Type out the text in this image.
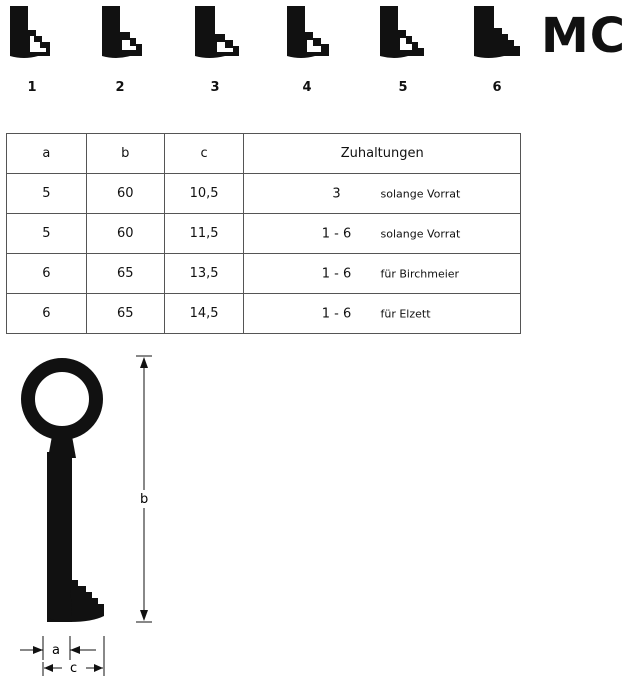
1	2	3	4	5	6
MC
a	b	c	Zuhaltungen
5	60	10,5	3 solange Vorrat

5	60	11,5	1 - 6 solange Vorrat

6	65	13,5	1 - 6 für Birchmeier

6	65	14,5	1 - 6 für Elzett
b
a
c
